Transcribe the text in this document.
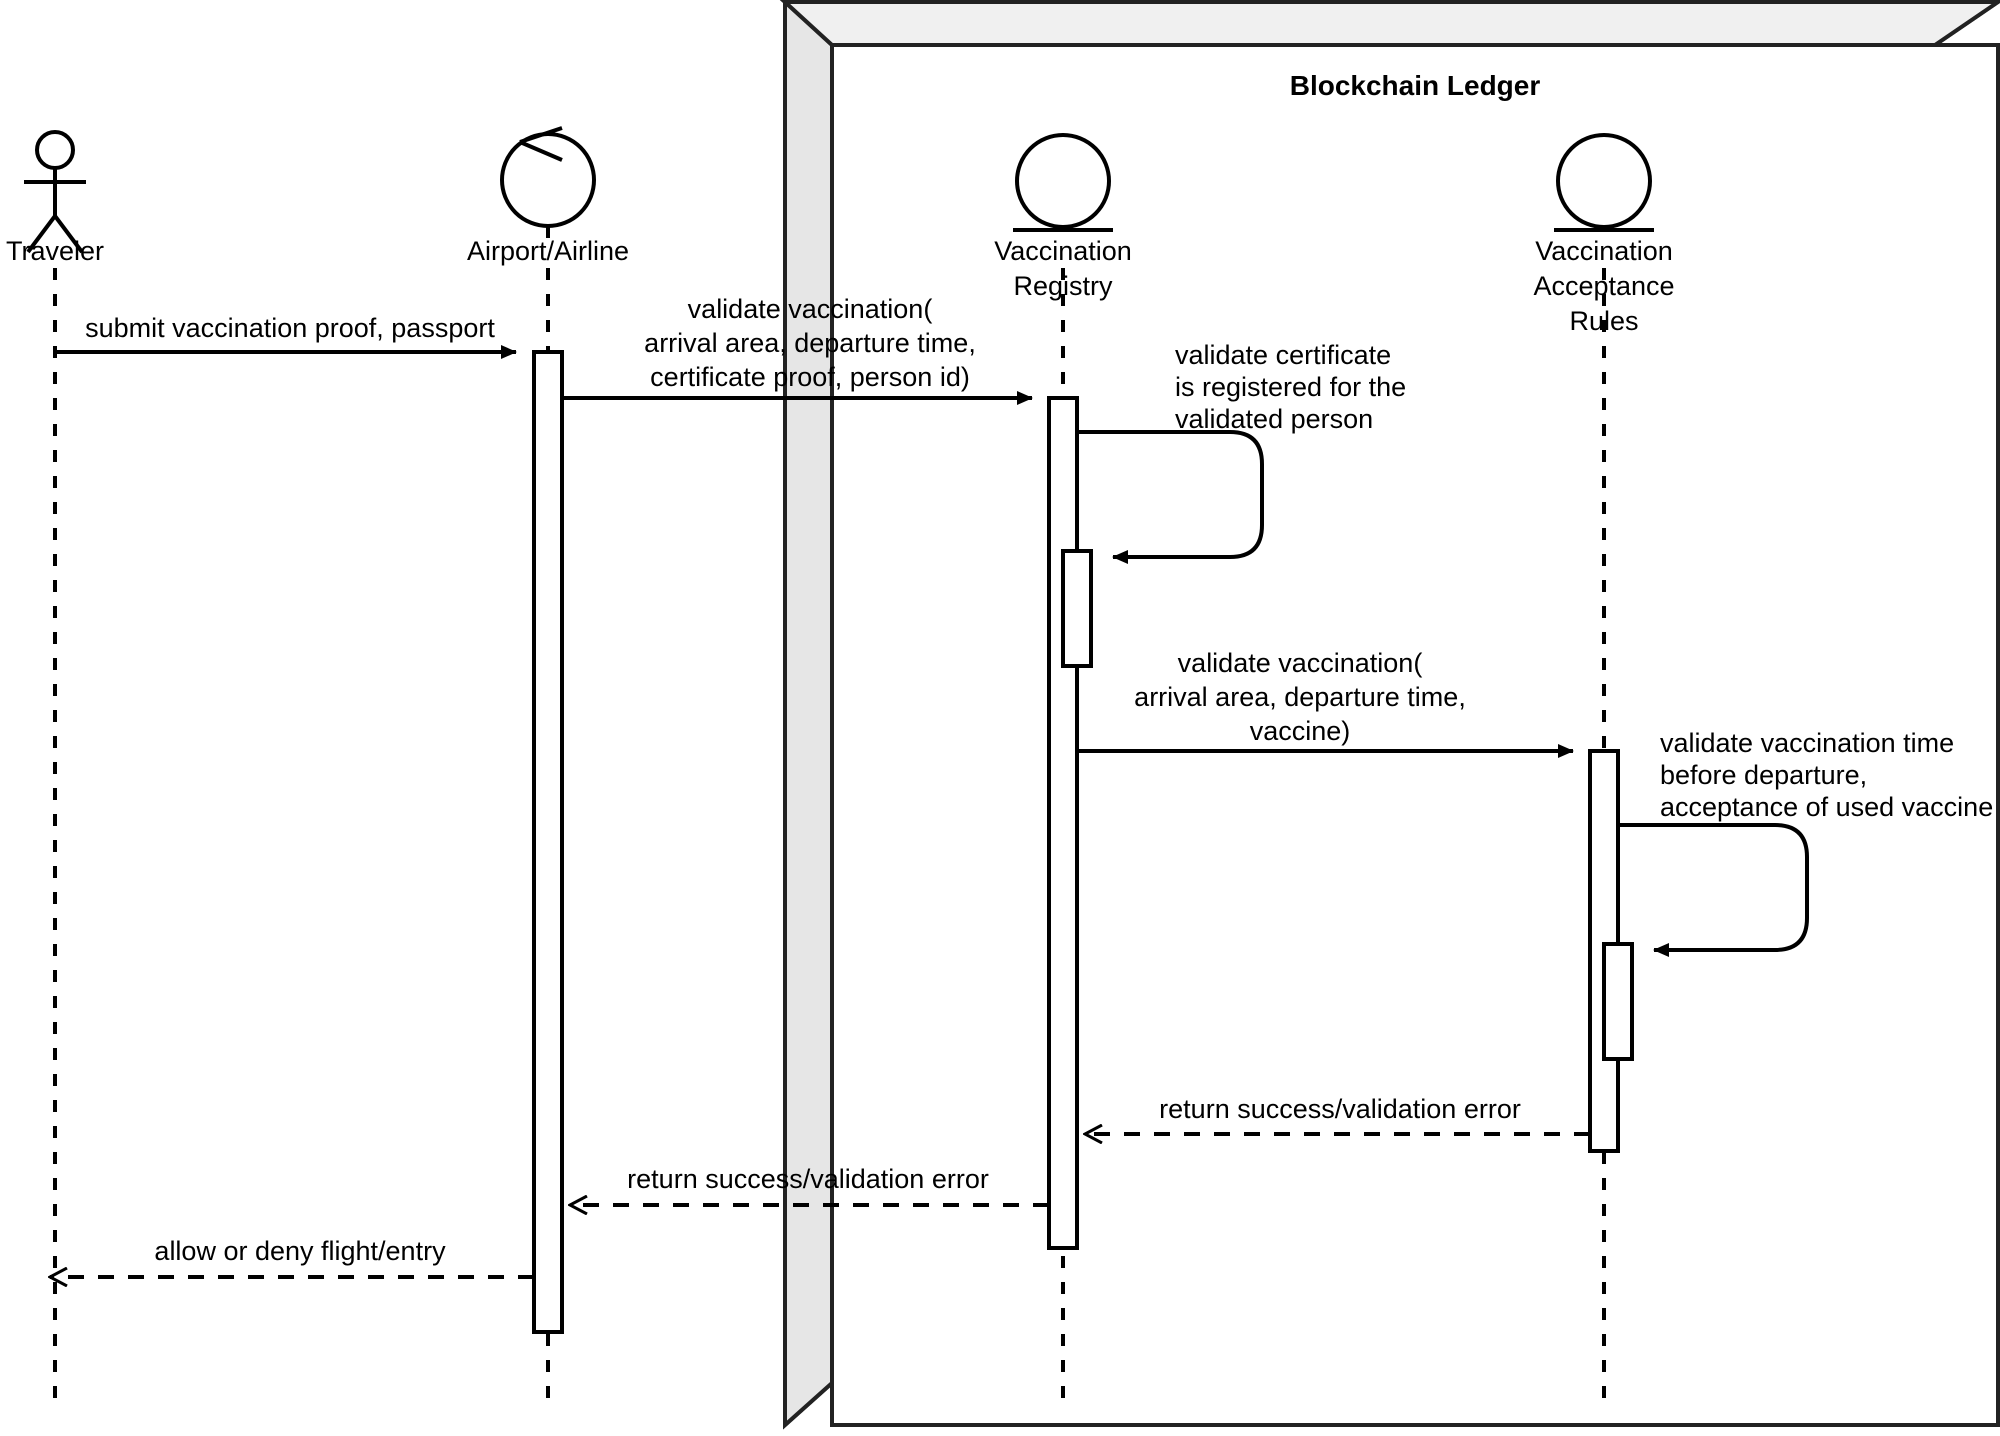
Blockchain Ledger
Traveler	Airport/Airline	Vaccination
Registry
Vaccination
Acceptance
Rules
submit vaccination proof, passport
validate vaccination(
arrival area, departure time,
certificate proof, person id)
validate certificate
is registered for the
validated person
validate vaccination(
arrival area, departure time,
vaccine)	validate vaccination time
before departure,
acceptance of used vaccine
return success/validation error
return success/validation error
allow or deny flight/entry
